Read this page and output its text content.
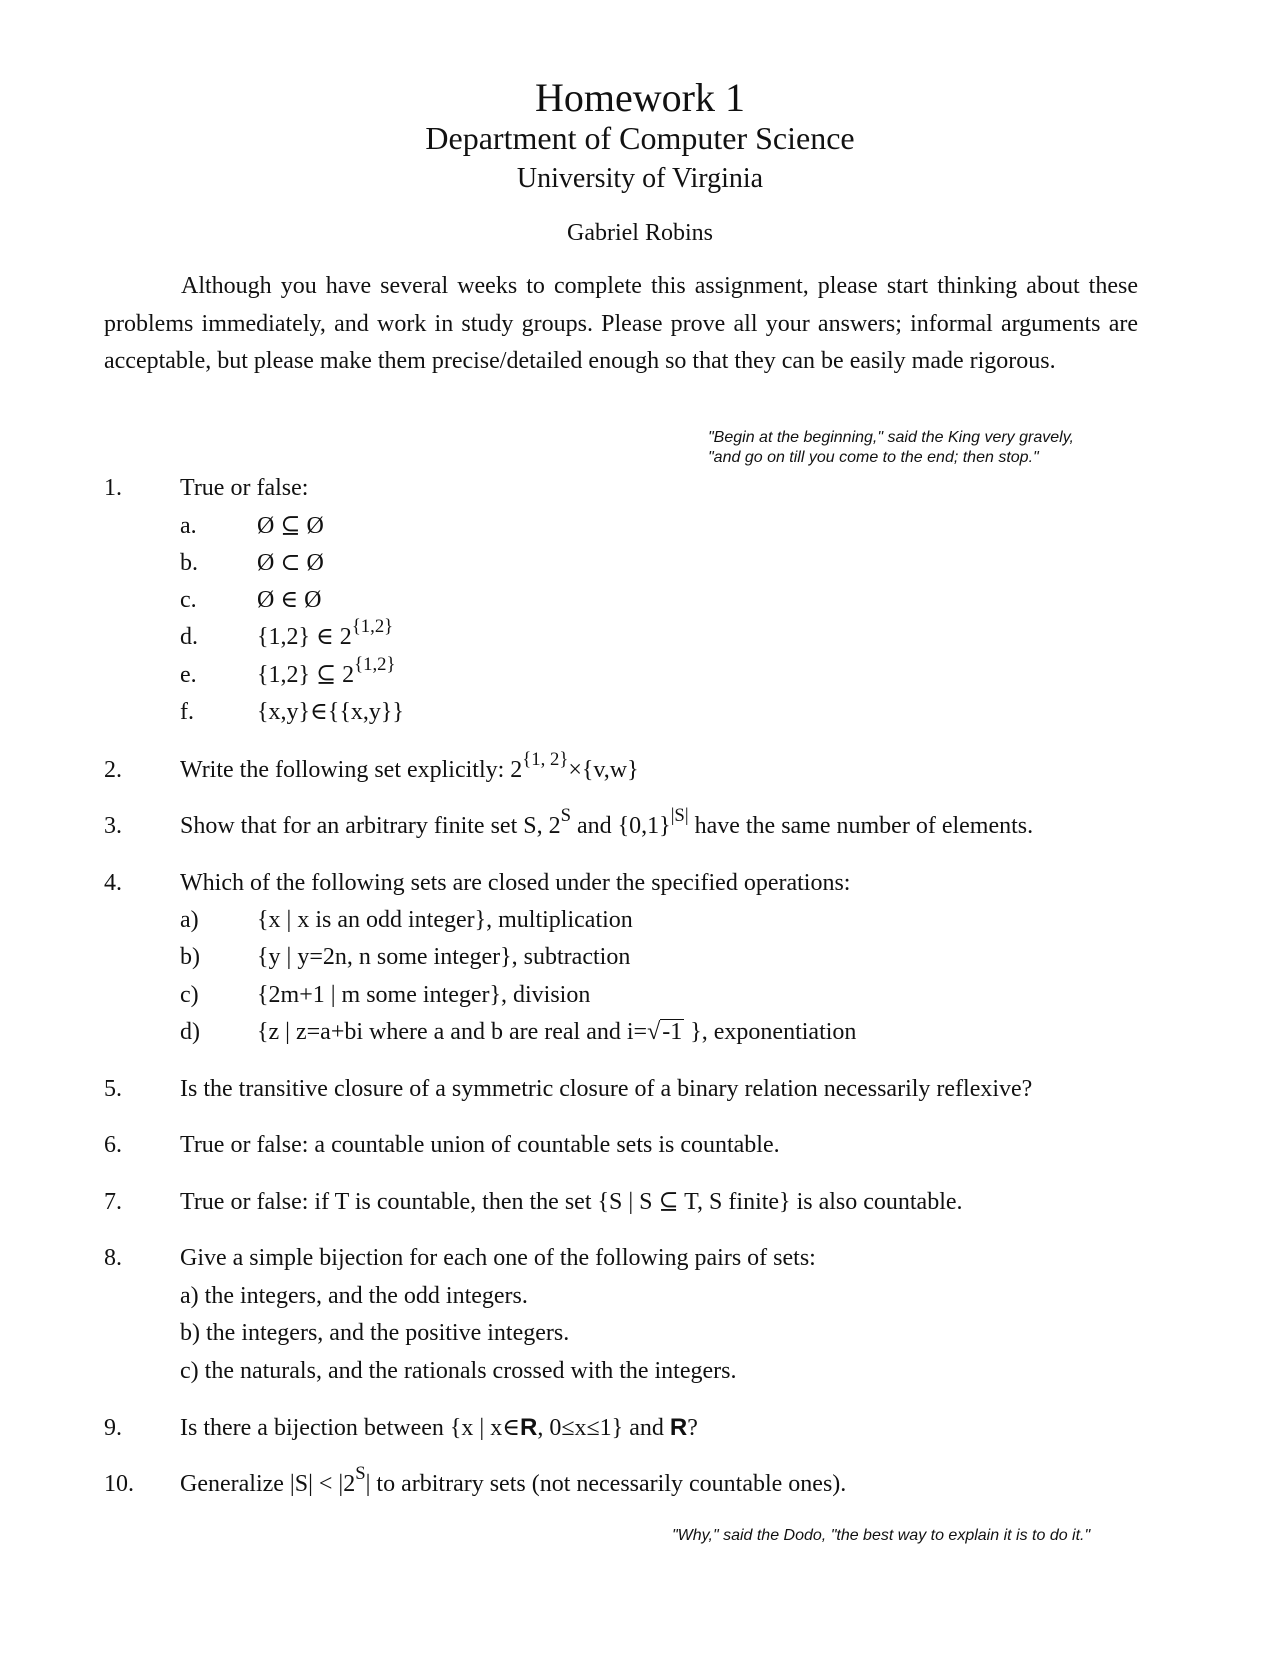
Homework 1
Department of Computer Science
University of Virginia
Gabriel Robins
Although you have several weeks to complete this assignment, please start thinking about these problems immediately, and work in study groups. Please prove all your answers; informal arguments are acceptable, but please make them precise/detailed enough so that they can be easily made rigorous.
"Begin at the beginning," said the King very gravely,
"and go on till you come to the end; then stop."
1. True or false:
a.	Ø ⊆ Ø
b. Ø ⊂ Ø
c.	Ø ∈ Ø
d. {1,2} ∈ $2^{\{1,2\}}$
e.	{1,2} ⊆ $2^{\{1,2\}}$
f.	{x,y}∈{{x,y}}
2. Write the following set explicitly: $2^{\{1, 2\}}\times\{v,w\}$
3. Show that for an arbitrary finite set S, $2^S$ and $\{0,1\}^{|S|}$ have the same number of elements.
4. Which of the following sets are closed under the specified operations:
a) {x | x is an odd integer}, multiplication
b) {y | y=2n, n some integer}, subtraction
c) {2m+1 | m some integer}, division
d) {z | z=a+bi where a and b are real and i=√-1 }, exponentiation
5. Is the transitive closure of a symmetric closure of a binary relation necessarily reflexive?
6. True or false: a countable union of countable sets is countable.
7. True or false: if T is countable, then the set {S | S ⊆ T, S finite} is also countable.
8. Give a simple bijection for each one of the following pairs of sets:
a) the integers, and the odd integers.
b) the integers, and the positive integers.
c) the naturals, and the rationals crossed with the integers.
9. Is there a bijection between {x | x∈R, 0≤x≤1} and R?
10. Generalize $|S| < |2^S|$ to arbitrary sets (not necessarily countable ones).
"Why," said the Dodo, "the best way to explain it is to do it."
